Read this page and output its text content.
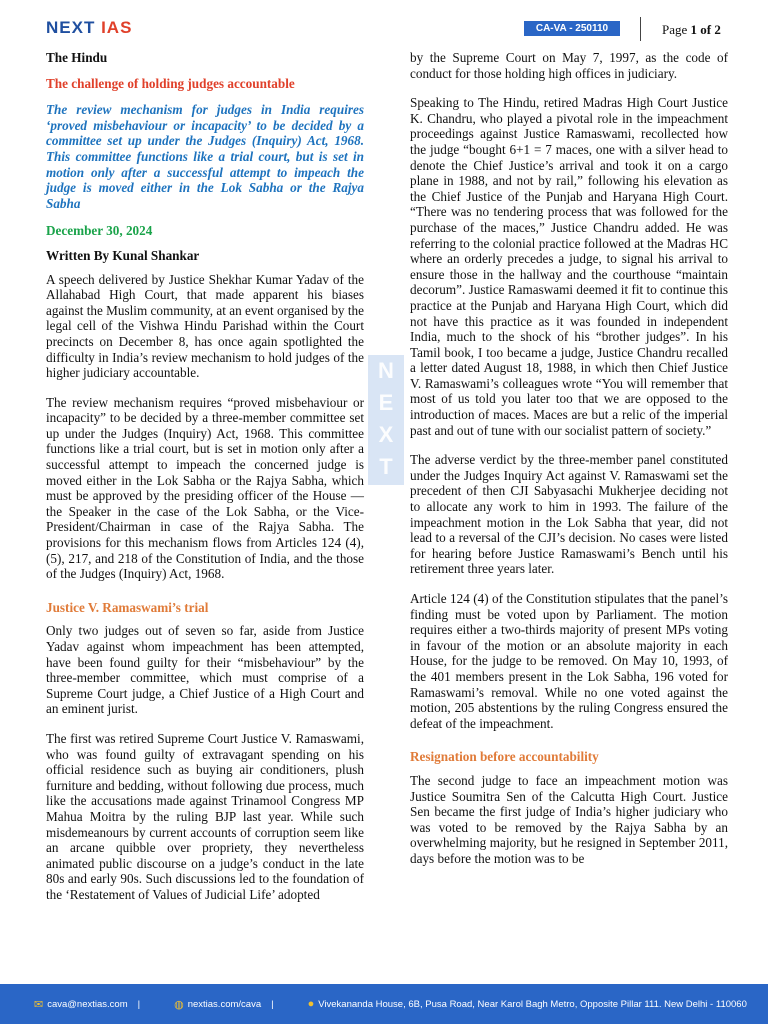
NEXT IAS	CA-VA - 250110	Page 1 of 2
The Hindu
The challenge of holding judges accountable
The review mechanism for judges in India requires ‘proved misbehaviour or incapacity’ to be decided by a committee set up under the Judges (Inquiry) Act, 1968. This committee functions like a trial court, but is set in motion only after a successful attempt to impeach the judge is moved either in the Lok Sabha or the Rajya Sabha
December 30, 2024
Written By Kunal Shankar

A speech delivered by Justice Shekhar Kumar Yadav of the Allahabad High Court, that made apparent his biases against the Muslim community, at an event organised by the legal cell of the Vishwa Hindu Parishad within the Court precincts on December 8, has once again spotlighted the difficulty in India’s review mechanism to hold judges of the higher judiciary accountable.

The review mechanism requires “proved misbehaviour or incapacity” to be decided by a three-member committee set up under the Judges (Inquiry) Act, 1968. This committee functions like a trial court, but is set in motion only after a successful attempt to impeach the concerned judge is moved either in the Lok Sabha or the Rajya Sabha, which must be approved by the presiding officer of the House — the Speaker in the case of the Lok Sabha, or the Vice-President/Chairman in case of the Rajya Sabha. The provisions for this mechanism flows from Articles 124 (4), (5), 217, and 218 of the Constitution of India, and the those of the Judges (Inquiry) Act, 1968.

Justice V. Ramaswami’s trial

Only two judges out of seven so far, aside from Justice Yadav against whom impeachment has been attempted, have been found guilty for their “misbehaviour” by the three-member committee, which must comprise of a Supreme Court judge, a Chief Justice of a High Court and an eminent jurist.

The first was retired Supreme Court Justice V. Ramaswami, who was found guilty of extravagant spending on his official residence such as buying air conditioners, plush furniture and bedding, without following due process, much like the accusations made against Trinamool Congress MP Mahua Moitra by the ruling BJP last year. While such misdemeanours by current accounts of corruption seem like an arcane quibble over propriety, they nevertheless animated public discourse on a judge’s conduct in the late 80s and early 90s. Such discussions led to the foundation of the ‘Restatement of Values of Judicial Life’ adopted

N
E
X
T

by the Supreme Court on May 7, 1997, as the code of conduct for those holding high offices in judiciary.

Speaking to The Hindu, retired Madras High Court Justice K. Chandru, who played a pivotal role in the impeachment proceedings against Justice Ramaswami, recollected how the judge “bought 6+1 = 7 maces, one with a silver head to denote the Chief Justice’s arrival and took it on a cargo plane in 1988, and not by rail,” following his elevation as the Chief Justice of the Punjab and Haryana High Court. “There was no tendering process that was followed for the purchase of the maces,” Justice Chandru added. He was referring to the colonial practice followed at the Madras HC where an orderly precedes a judge, to signal his arrival to ensure those in the hallway and the courthouse “maintain decorum”. Justice Ramaswami deemed it fit to continue this practice at the Punjab and Haryana High Court, which did not have this practice as it was founded in independent India, much to the shock of his “brother judges”. In his Tamil book, I too became a judge, Justice Chandru recalled a letter dated August 18, 1988, in which then Chief Justice V. Ramaswami’s colleagues wrote “You will remember that most of us told you later too that we are opposed to the introduction of maces. Maces are but a relic of the imperial past and out of tune with our socialist pattern of society.”

The adverse verdict by the three-member panel constituted under the Judges Inquiry Act against V. Ramaswami set the precedent of then CJI Sabyasachi Mukherjee deciding not to allocate any work to him in 1993. The failure of the impeachment motion in the Lok Sabha that year, did not lead to a reversal of the CJI’s decision. No cases were listed for hearing before Justice Ramaswami’s Bench until his retirement three years later.

Article 124 (4) of the Constitution stipulates that the panel’s finding must be voted upon by Parliament. The motion requires either a two-thirds majority of present MPs voting in favour of the motion or an absolute majority in each House, for the judge to be removed. On May 10, 1993, of the 401 members present in the Lok Sabha, 196 voted for Ramaswami’s removal. While no one voted against the motion, 205 abstentions by the ruling Congress ensured the defeat of the impeachment.

Resignation before accountability

The second judge to face an impeachment motion was Justice Soumitra Sen of the Calcutta High Court. Justice Sen became the first judge of India’s higher judiciary who was voted to be removed by the Rajya Sabha by an overwhelming majority, but he resigned in September 2011, days before the motion was to be

✉ cava@nextias.com |	◍ nextias.com/cava |	● Vivekananda House, 6B, Pusa Road, Near Karol Bagh Metro, Opposite Pillar 111. New Delhi - 110060
